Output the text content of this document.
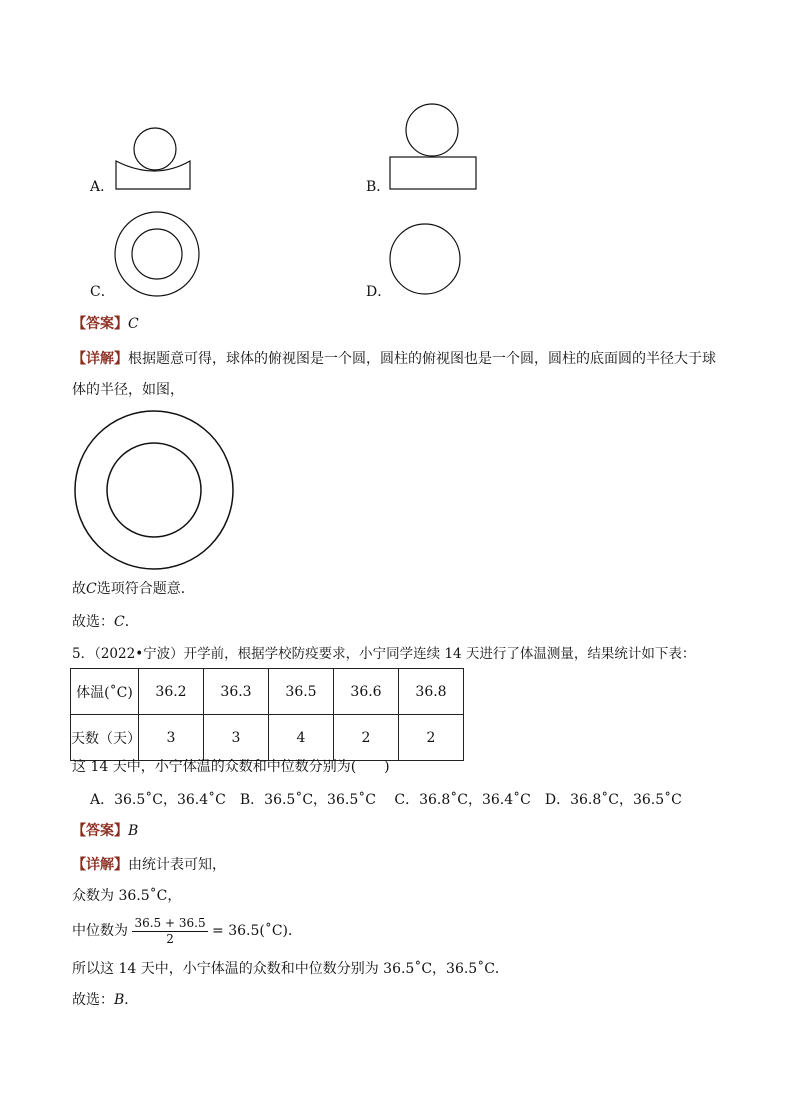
A．	B．
C．	D．
【答案】C
【详解】根据题意可得，球体的俯视图是一个圆，圆柱的俯视图也是一个圆，圆柱的底面圆的半径大于球
体的半径，如图，
故C选项符合题意．
故选：C．
5．（2022•宁波）开学前，根据学校防疫要求，小宁同学连续 14 天进行了体温测量，结果统计如下表：
体温(˚C)	36.2	36.3	36.5	36.6	36.8
天数（天）	3	3	4	2	2
这 14 天中，小宁体温的众数和中位数分别为(　　)
A．36.5˚C，36.4˚C　B．36.5˚C，36.5˚C　 C．36.8˚C，36.4˚C　D．36.8˚C，36.5˚C
【答案】B
【详解】由统计表可知，
众数为 36.5˚C，
中位数为 $\frac{36.5 + 36.5}{2}$ = 36.5(˚C)．
所以这 14 天中，小宁体温的众数和中位数分别为 36.5˚C，36.5˚C．
故选：B．
